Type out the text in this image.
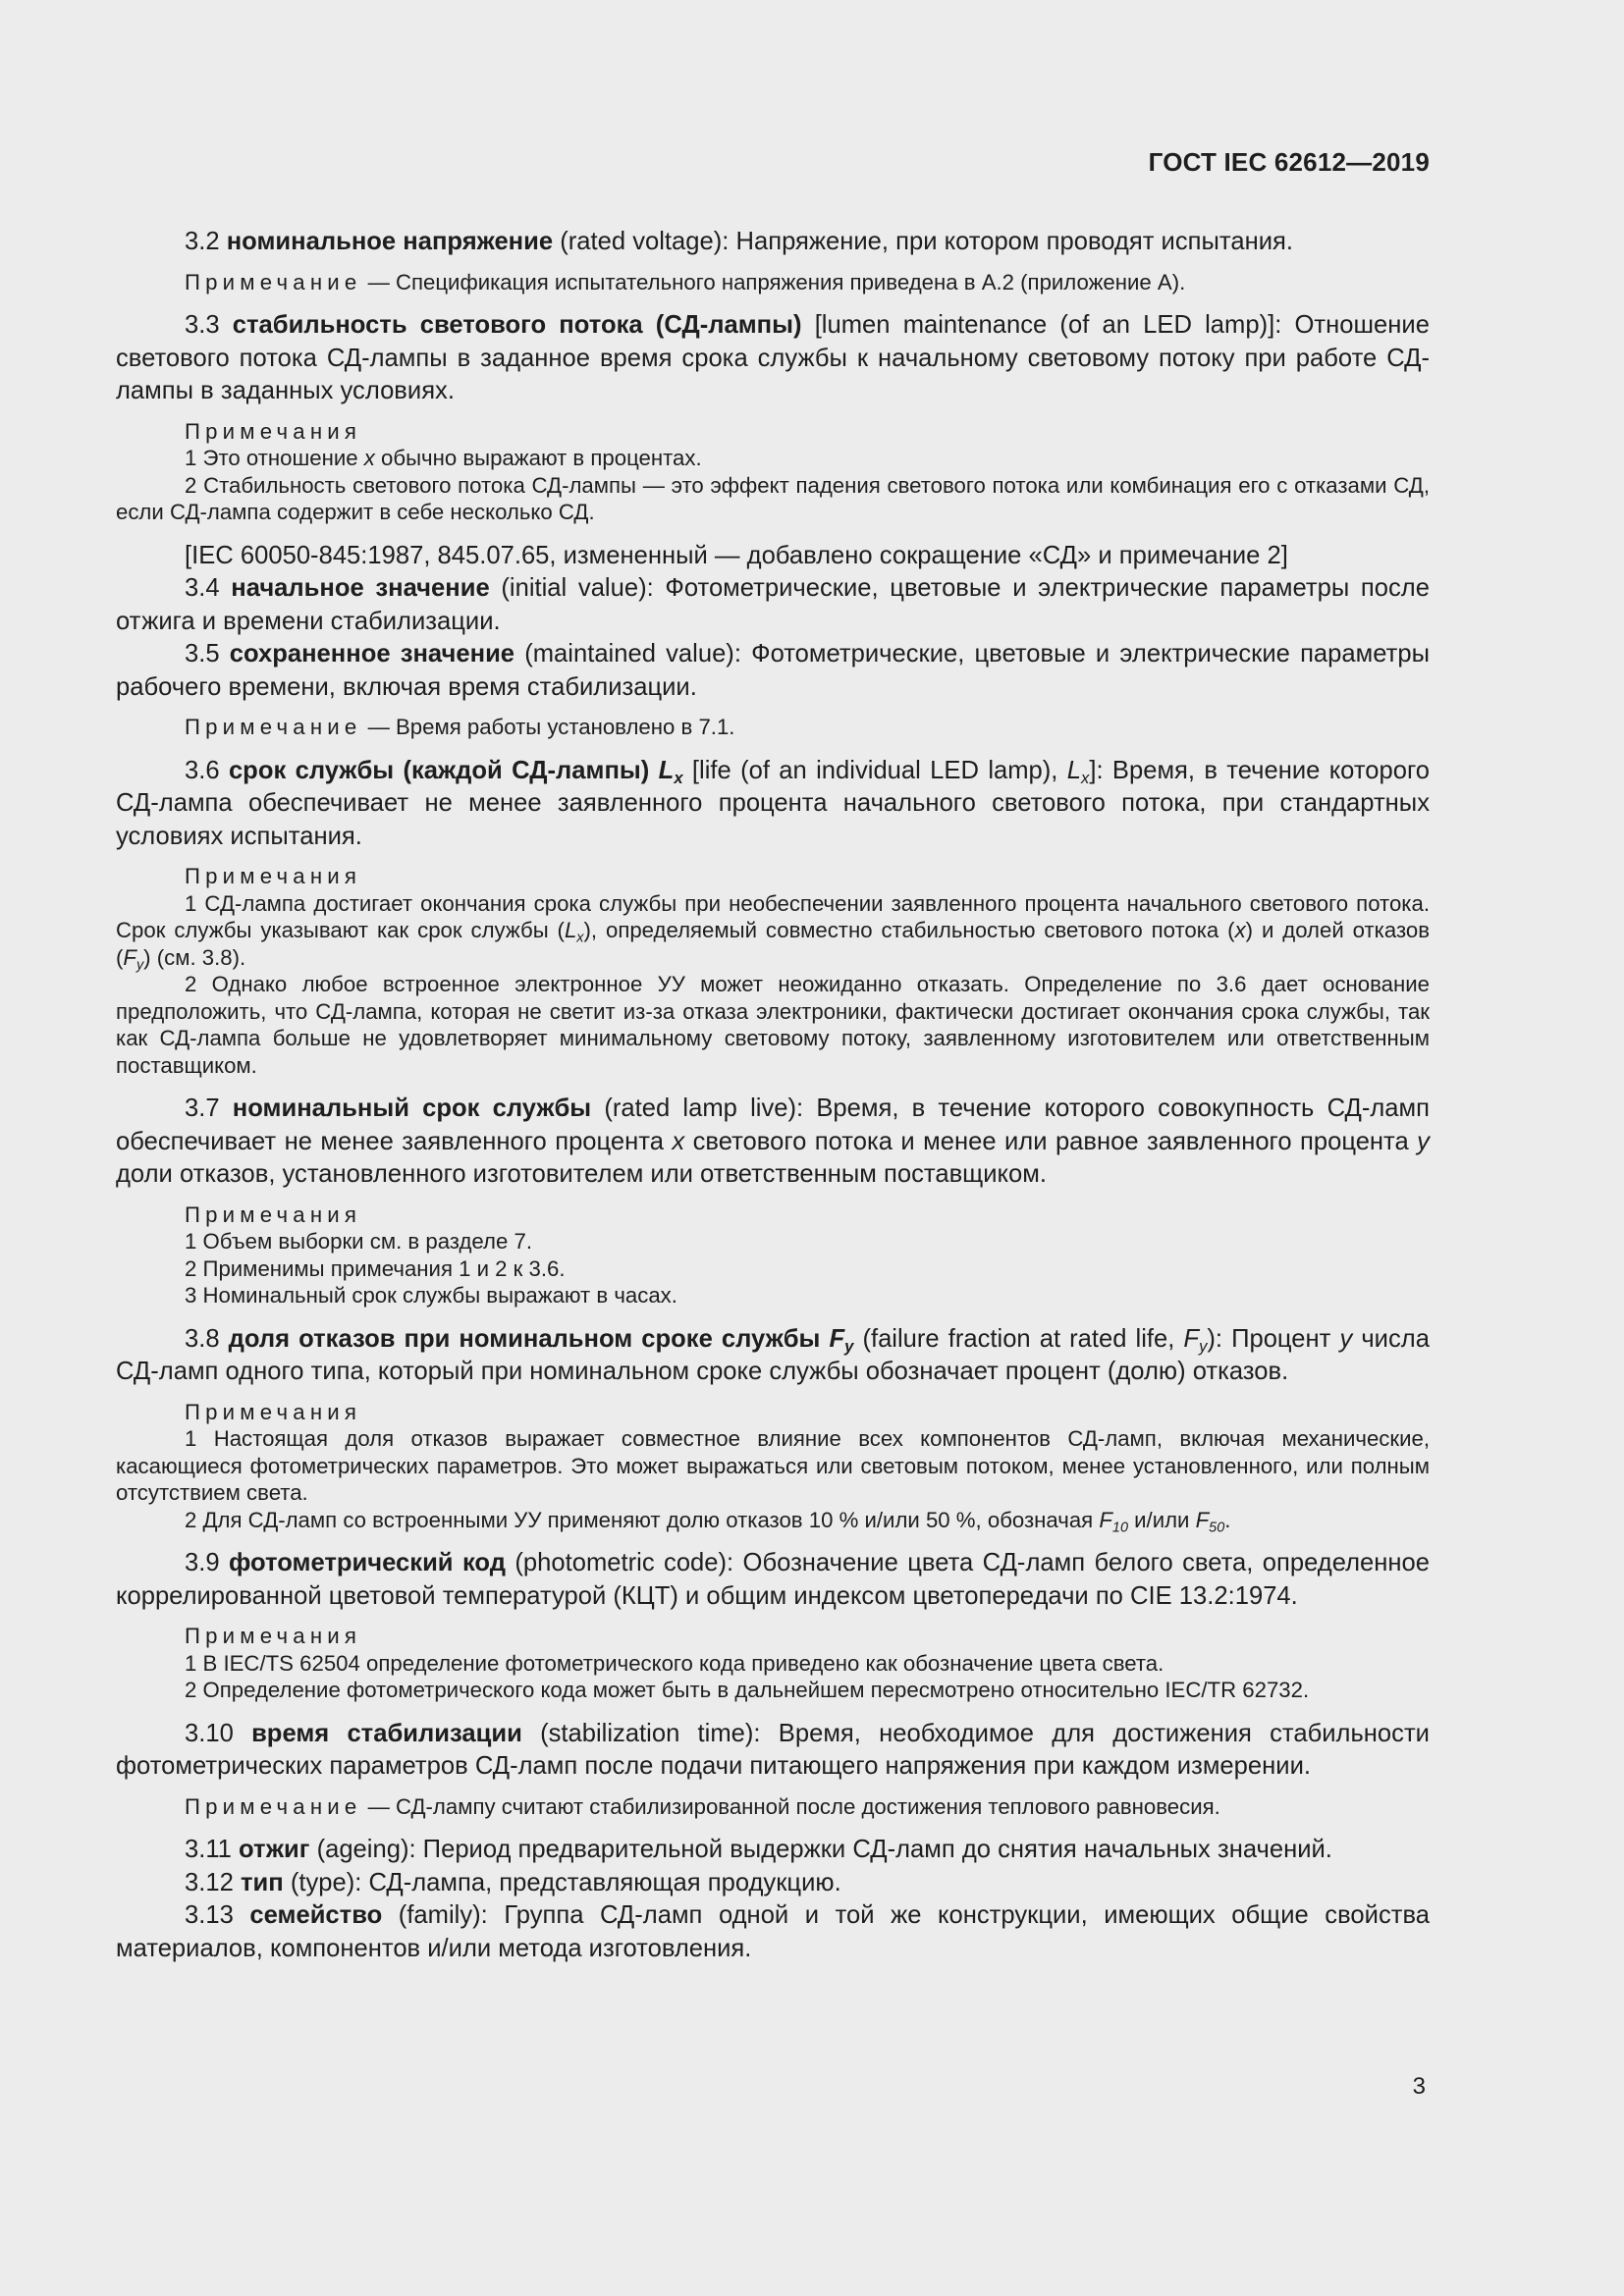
ГОСТ IEC 62612—2019

3.2 номинальное напряжение (rated voltage): Напряжение, при котором проводят испытания.

Примечание — Спецификация испытательного напряжения приведена в А.2 (приложение А).

3.3 стабильность светового потока (СД-лампы) [lumen maintenance (of an LED lamp)]: Отношение светового потока СД-лампы в заданное время срока службы к начальному световому потоку при работе СД-лампы в заданных условиях.

Примечания

1 Это отношение x обычно выражают в процентах.

2 Стабильность светового потока СД-лампы — это эффект падения светового потока или комбинация его с отказами СД, если СД-лампа содержит в себе несколько СД.

[IEC 60050-845:1987, 845.07.65, измененный — добавлено сокращение «СД» и примечание 2]

3.4 начальное значение (initial value): Фотометрические, цветовые и электрические параметры после отжига и времени стабилизации.

3.5 сохраненное значение (maintained value): Фотометрические, цветовые и электрические параметры рабочего времени, включая время стабилизации.

Примечание — Время работы установлено в 7.1.

3.6 срок службы (каждой СД-лампы) $L_x$ [life (of an individual LED lamp), $L_x$]: Время, в течение которого СД-лампа обеспечивает не менее заявленного процента начального светового потока, при стандартных условиях испытания.

Примечания

1 СД-лампа достигает окончания срока службы при необеспечении заявленного процента начального светового потока. Срок службы указывают как срок службы $(L_x)$, определяемый совместно стабильностью светового потока (x) и долей отказов $(F_y)$ (см. 3.8).

2 Однако любое встроенное электронное УУ может неожиданно отказать. Определение по 3.6 дает основание предположить, что СД-лампа, которая не светит из-за отказа электроники, фактически достигает окончания срока службы, так как СД-лампа больше не удовлетворяет минимальному световому потоку, заявленному изготовителем или ответственным поставщиком.

3.7 номинальный срок службы (rated lamp live): Время, в течение которого совокупность СД-ламп обеспечивает не менее заявленного процента x светового потока и менее или равное заявленного процента y доли отказов, установленного изготовителем или ответственным поставщиком.

Примечания

1 Объем выборки см. в разделе 7.

2 Применимы примечания 1 и 2 к 3.6.

3 Номинальный срок службы выражают в часах.

3.8 доля отказов при номинальном сроке службы $F_y$ (failure fraction at rated life, $F_y$): Процент y числа СД-ламп одного типа, который при номинальном сроке службы обозначает процент (долю) отказов.

Примечания

1 Настоящая доля отказов выражает совместное влияние всех компонентов СД-ламп, включая механические, касающиеся фотометрических параметров. Это может выражаться или световым потоком, менее установленного, или полным отсутствием света.

2 Для СД-ламп со встроенными УУ применяют долю отказов 10 % и/или 50 %, обозначая $F_{10}$ и/или $F_{50}$.

3.9 фотометрический код (photometric code): Обозначение цвета СД-ламп белого света, определенное коррелированной цветовой температурой (КЦТ) и общим индексом цветопередачи по CIE 13.2:1974.

Примечания

1 В IEC/TS 62504 определение фотометрического кода приведено как обозначение цвета света.

2 Определение фотометрического кода может быть в дальнейшем пересмотрено относительно IEC/TR 62732.

3.10 время стабилизации (stabilization time): Время, необходимое для достижения стабильности фотометрических параметров СД-ламп после подачи питающего напряжения при каждом измерении.

Примечание — СД-лампу считают стабилизированной после достижения теплового равновесия.

3.11 отжиг (ageing): Период предварительной выдержки СД-ламп до снятия начальных значений.

3.12 тип (type): СД-лампа, представляющая продукцию.

3.13 семейство (family): Группа СД-ламп одной и той же конструкции, имеющих общие свойства материалов, компонентов и/или метода изготовления.

3
